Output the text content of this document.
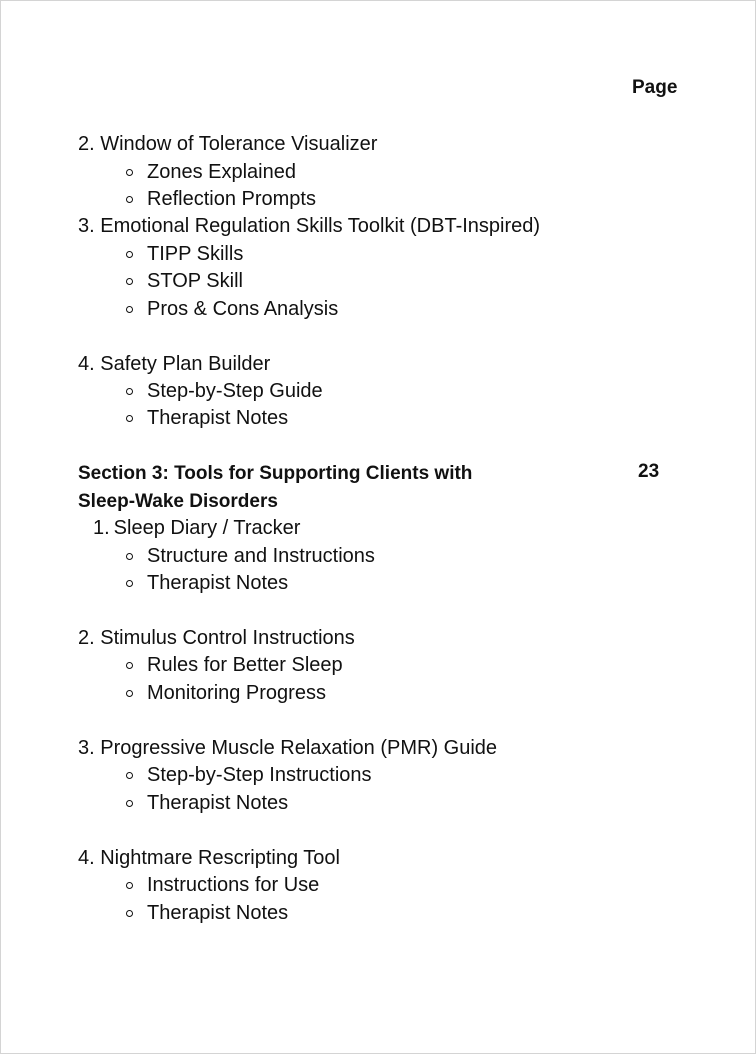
Page
2. Window of Tolerance Visualizer
Zones Explained
Reflection Prompts
3. Emotional Regulation Skills Toolkit (DBT-Inspired)
TIPP Skills
STOP Skill
Pros & Cons Analysis
4. Safety Plan Builder
Step-by-Step Guide
Therapist Notes
Section 3: Tools for Supporting Clients with
Sleep-Wake Disorders
23
1. Sleep Diary / Tracker
Structure and Instructions
Therapist Notes
2. Stimulus Control Instructions
Rules for Better Sleep
Monitoring Progress
3. Progressive Muscle Relaxation (PMR) Guide
Step-by-Step Instructions
Therapist Notes
4. Nightmare Rescripting Tool
Instructions for Use
Therapist Notes
